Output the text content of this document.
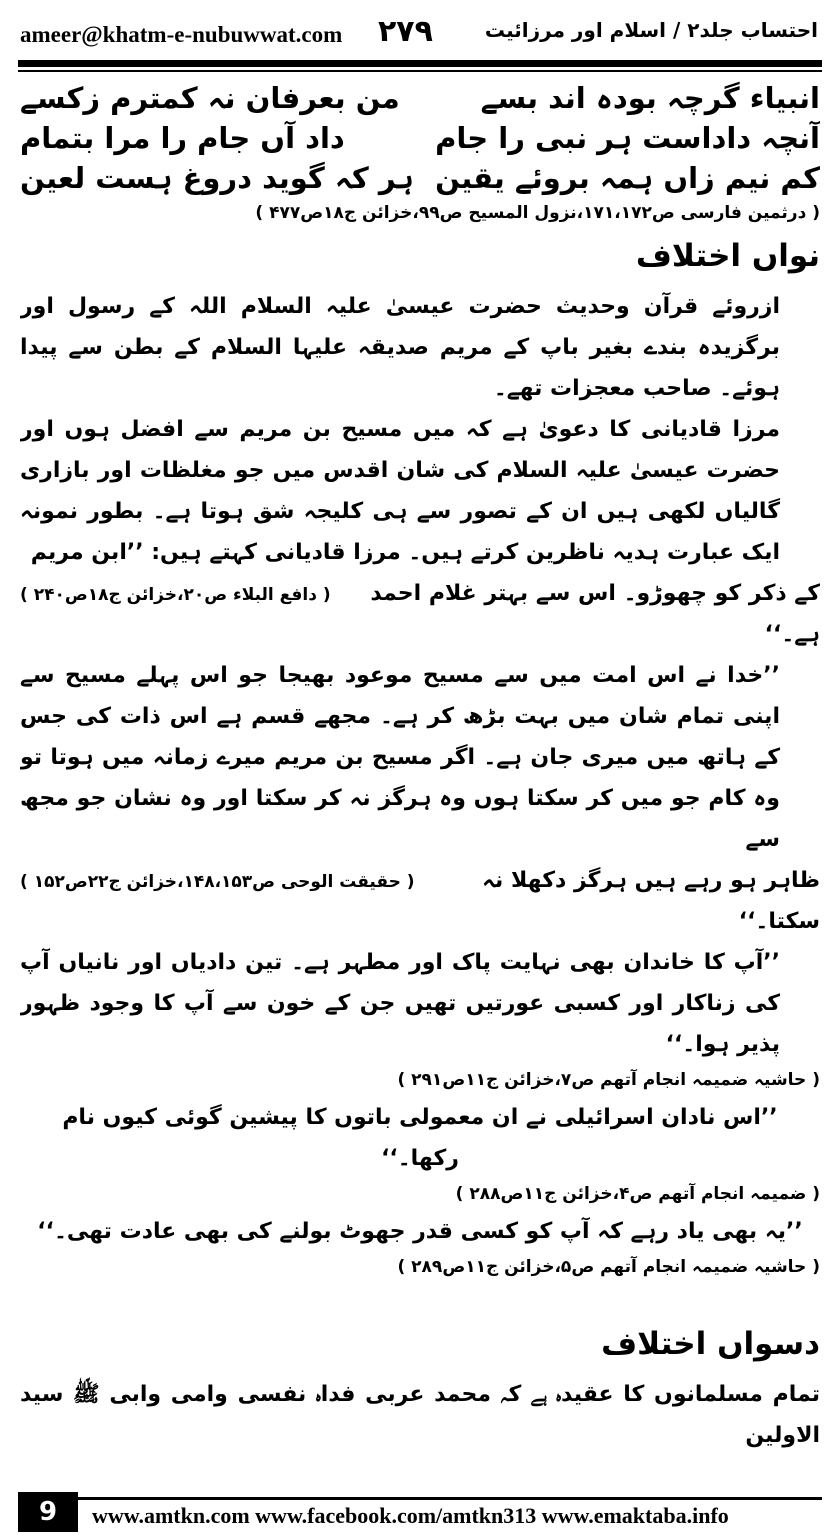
ameer@khatm-e-nubuwwat.com ۲۷۹	احتساب جلد۲ / اسلام اور مرزائیت
انبیاء گرچہ بودہ اند بسے
من بعرفان نہ کمترم زکسے
آنچہ داداست ہر نبی را جام
داد آں جام را مرا بتمام
کم نیم زاں ہمہ بروئے یقین
ہر کہ گوید دروغ ہست لعین
( درثمین فارسی ص۱۷۱،۱۷۲،نزول المسیح ص۹۹،خزائن ج۱۸ص۴۷۷ )
نواں اختلاف
ازروئے قرآن وحدیث حضرت عیسیٰ علیہ السلام اللہ کے رسول اور برگزیدہ بندے بغیر باپ کے مریم صدیقہ علیہا السلام کے بطن سے پیدا ہوئے۔ صاحب معجزات تھے۔
مرزا قادیانی کا دعویٰ ہے کہ میں مسیح بن مریم سے افضل ہوں اور حضرت عیسیٰ علیہ السلام کی شان اقدس میں جو مغلظات اور بازاری گالیاں لکھی ہیں ان کے تصور سے ہی کلیجہ شق ہوتا ہے۔ بطور نمونہ ایک عبارت ہدیہ ناظرین کرتے ہیں۔ مرزا قادیانی کہتے ہیں: ’’ابن مریم
کے ذکر کو چھوڑو۔ اس سے بہتر غلام احمد ہے۔‘‘
( دافع البلاء ص۲۰،خزائن ج۱۸ص۲۴۰ )
’’خدا نے اس امت میں سے مسیح موعود بھیجا جو اس پہلے مسیح سے اپنی تمام شان میں بہت بڑھ کر ہے۔ مجھے قسم ہے اس ذات کی جس کے ہاتھ میں میری جان ہے۔ اگر مسیح بن مریم میرے زمانہ میں ہوتا تو وہ کام جو میں کر سکتا ہوں وہ ہرگز نہ کر سکتا اور وہ نشان جو مجھ سے
ظاہر ہو رہے ہیں ہرگز دکھلا نہ سکتا۔‘‘
( حقیقت الوحی ص۱۴۸،۱۵۳،خزائن ج۲۲ص۱۵۲ )
’’آپ کا خاندان بھی نہایت پاک اور مطہر ہے۔ تین دادیاں اور نانیاں آپ کی زناکار اور کسبی عورتیں تھیں جن کے خون سے آپ کا وجود ظہور پذیر ہوا۔‘‘
( حاشیہ ضمیمہ انجام آتھم ص۷،خزائن ج۱۱ص۲۹۱ )
’’اس نادان اسرائیلی نے ان معمولی باتوں کا پیشین گوئی کیوں نام رکھا۔‘‘
( ضمیمہ انجام آتھم ص۴،خزائن ج۱۱ص۲۸۸ )
’’یہ بھی یاد رہے کہ آپ کو کسی قدر جھوٹ بولنے کی بھی عادت تھی۔‘‘
( حاشیہ ضمیمہ انجام آتھم ص۵،خزائن ج۱۱ص۲۸۹ )
دسواں اختلاف
تمام مسلمانوں کا عقیدہ ہے کہ محمد عربی فداہ نفسی وامی وابی ﷺ سید الاولین
9	www.amtkn.com www.facebook.com/amtkn313 www.emaktaba.info
